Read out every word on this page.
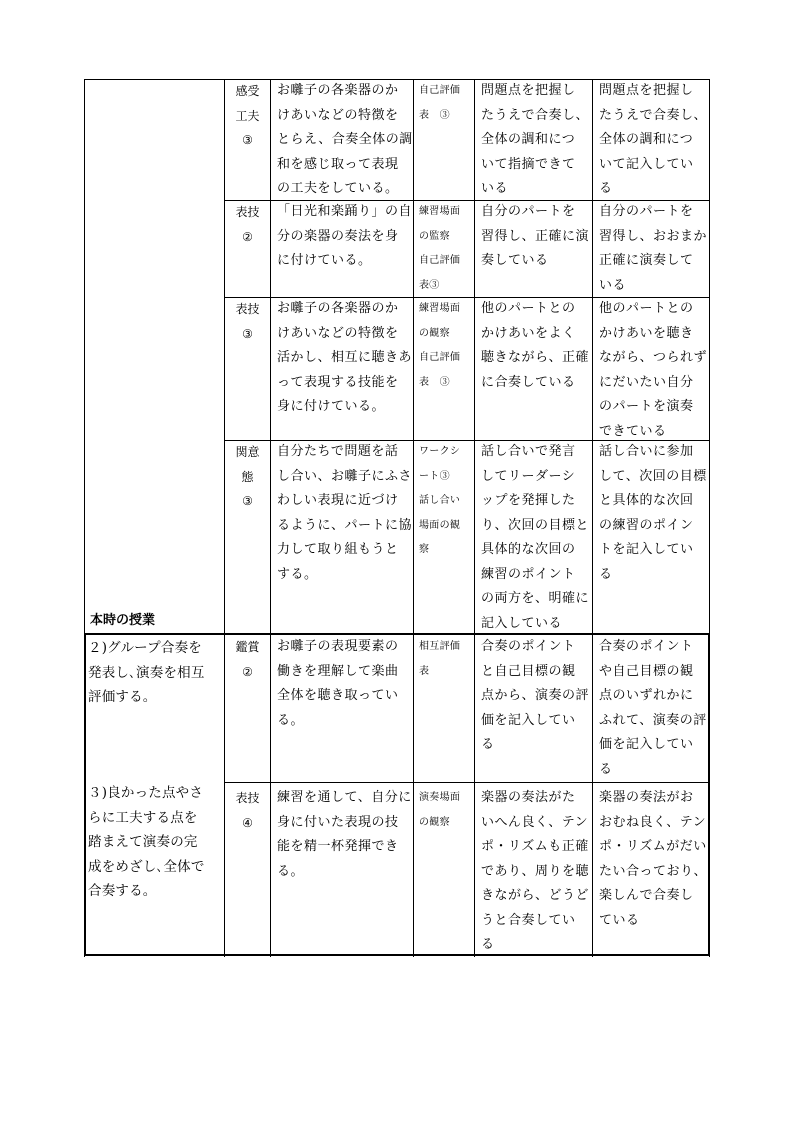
本時の授業
２)グループ合奏を
発表し､演奏を相互
評価する。
３)良かった点やさ
らに工夫する点を
踏まえて演奏の完
成をめざし､全体で
合奏する。
感受
工夫
③
お囃子の各楽器のか
けあいなどの特徴を
とらえ、合奏全体の調
和を感じ取って表現
の工夫をしている。
自己評価
表　③
問題点を把握し
たうえで合奏し、
全体の調和につ
いて指摘できて
いる
問題点を把握し
たうえで合奏し、
全体の調和につ
いて記入してい
る
表技
②
「日光和楽踊り」の自
分の楽器の奏法を身
に付けている。
練習場面
の監察
自己評価
表③
自分のパートを
習得し、正確に演
奏している
自分のパートを
習得し、おおまか
正確に演奏して
いる
表技
③
お囃子の各楽器のか
けあいなどの特徴を
活かし、相互に聴きあ
って表現する技能を
身に付けている。
練習場面
の観察
自己評価
表　③
他のパートとの
かけあいをよく
聴きながら、正確
に合奏している
他のパートとの
かけあいを聴き
ながら、つられず
にだいたい自分
のパートを演奏
できている
関意
態
③
自分たちで問題を話
し合い、お囃子にふさ
わしい表現に近づけ
るように、パートに協
力して取り組もうと
する。
ワークシ
ート③
話し合い
場面の観
察
話し合いで発言
してリーダーシ
ップを発揮した
り、次回の目標と
具体的な次回の
練習のポイント
の両方を、明確に
記入している
話し合いに参加
して、次回の目標
と具体的な次回
の練習のポイン
トを記入してい
る
鑑賞
②
お囃子の表現要素の
働きを理解して楽曲
全体を聴き取ってい
る。
相互評価
表
合奏のポイント
と自己目標の観
点から、演奏の評
価を記入してい
る
合奏のポイント
や自己目標の観
点のいずれかに
ふれて、演奏の評
価を記入してい
る
表技
④
練習を通して、自分に
身に付いた表現の技
能を精一杯発揮でき
る。
演奏場面
の観察
楽器の奏法がた
いへん良く、テン
ポ・リズムも正確
であり、周りを聴
きながら、どうど
うと合奏してい
る
楽器の奏法がお
おむね良く、テン
ポ・リズムがだい
たい合っており、
楽しんで合奏し
ている
